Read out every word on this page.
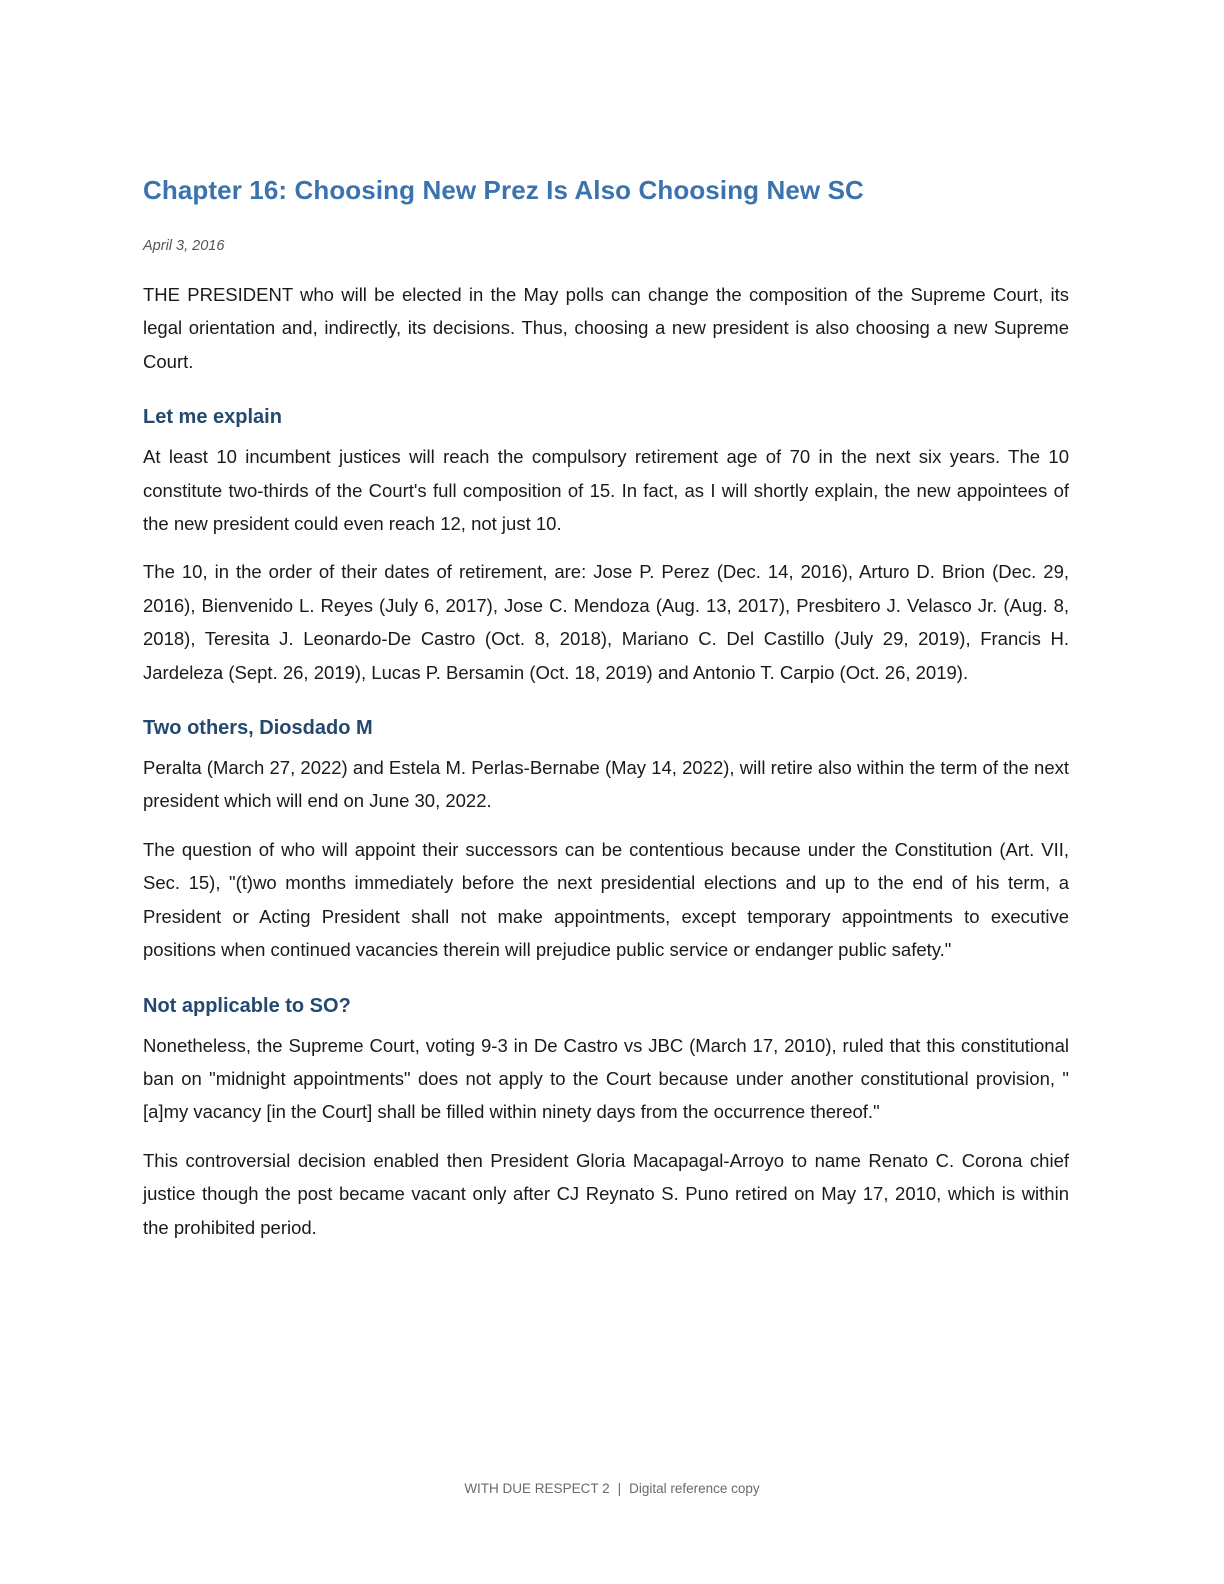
Chapter 16: Choosing New Prez Is Also Choosing New SC
April 3, 2016

THE PRESIDENT who will be elected in the May polls can change the composition of the Supreme Court, its legal orientation and, indirectly, its decisions. Thus, choosing a new president is also choosing a new Supreme Court.

Let me explain

At least 10 incumbent justices will reach the compulsory retirement age of 70 in the next six years. The 10 constitute two-thirds of the Court's full composition of 15. In fact, as I will shortly explain, the new appointees of the new president could even reach 12, not just 10.

The 10, in the order of their dates of retirement, are: Jose P. Perez (Dec. 14, 2016), Arturo D. Brion (Dec. 29, 2016), Bienvenido L. Reyes (July 6, 2017), Jose C. Mendoza (Aug. 13, 2017), Presbitero J. Velasco Jr. (Aug. 8, 2018), Teresita J. Leonardo-De Castro (Oct. 8, 2018), Mariano C. Del Castillo (July 29, 2019), Francis H. Jardeleza (Sept. 26, 2019), Lucas P. Bersamin (Oct. 18, 2019) and Antonio T. Carpio (Oct. 26, 2019).

Two others, Diosdado M

Peralta (March 27, 2022) and Estela M. Perlas-Bernabe (May 14, 2022), will retire also within the term of the next president which will end on June 30, 2022.

The question of who will appoint their successors can be contentious because under the Constitution (Art. VII, Sec. 15), "(t)wo months immediately before the next presidential elections and up to the end of his term, a President or Acting President shall not make appointments, except temporary appointments to executive positions when continued vacancies therein will prejudice public service or endanger public safety."

Not applicable to SO?

Nonetheless, the Supreme Court, voting 9-3 in De Castro vs JBC (March 17, 2010), ruled that this constitutional ban on "midnight appointments" does not apply to the Court because under another constitutional provision, "[a]my vacancy [in the Court] shall be filled within ninety days from the occurrence thereof."

This controversial decision enabled then President Gloria Macapagal-Arroyo to name Renato C. Corona chief justice though the post became vacant only after CJ Reynato S. Puno retired on May 17, 2010, which is within the prohibited period.

WITH DUE RESPECT 2 | Digital reference copy
